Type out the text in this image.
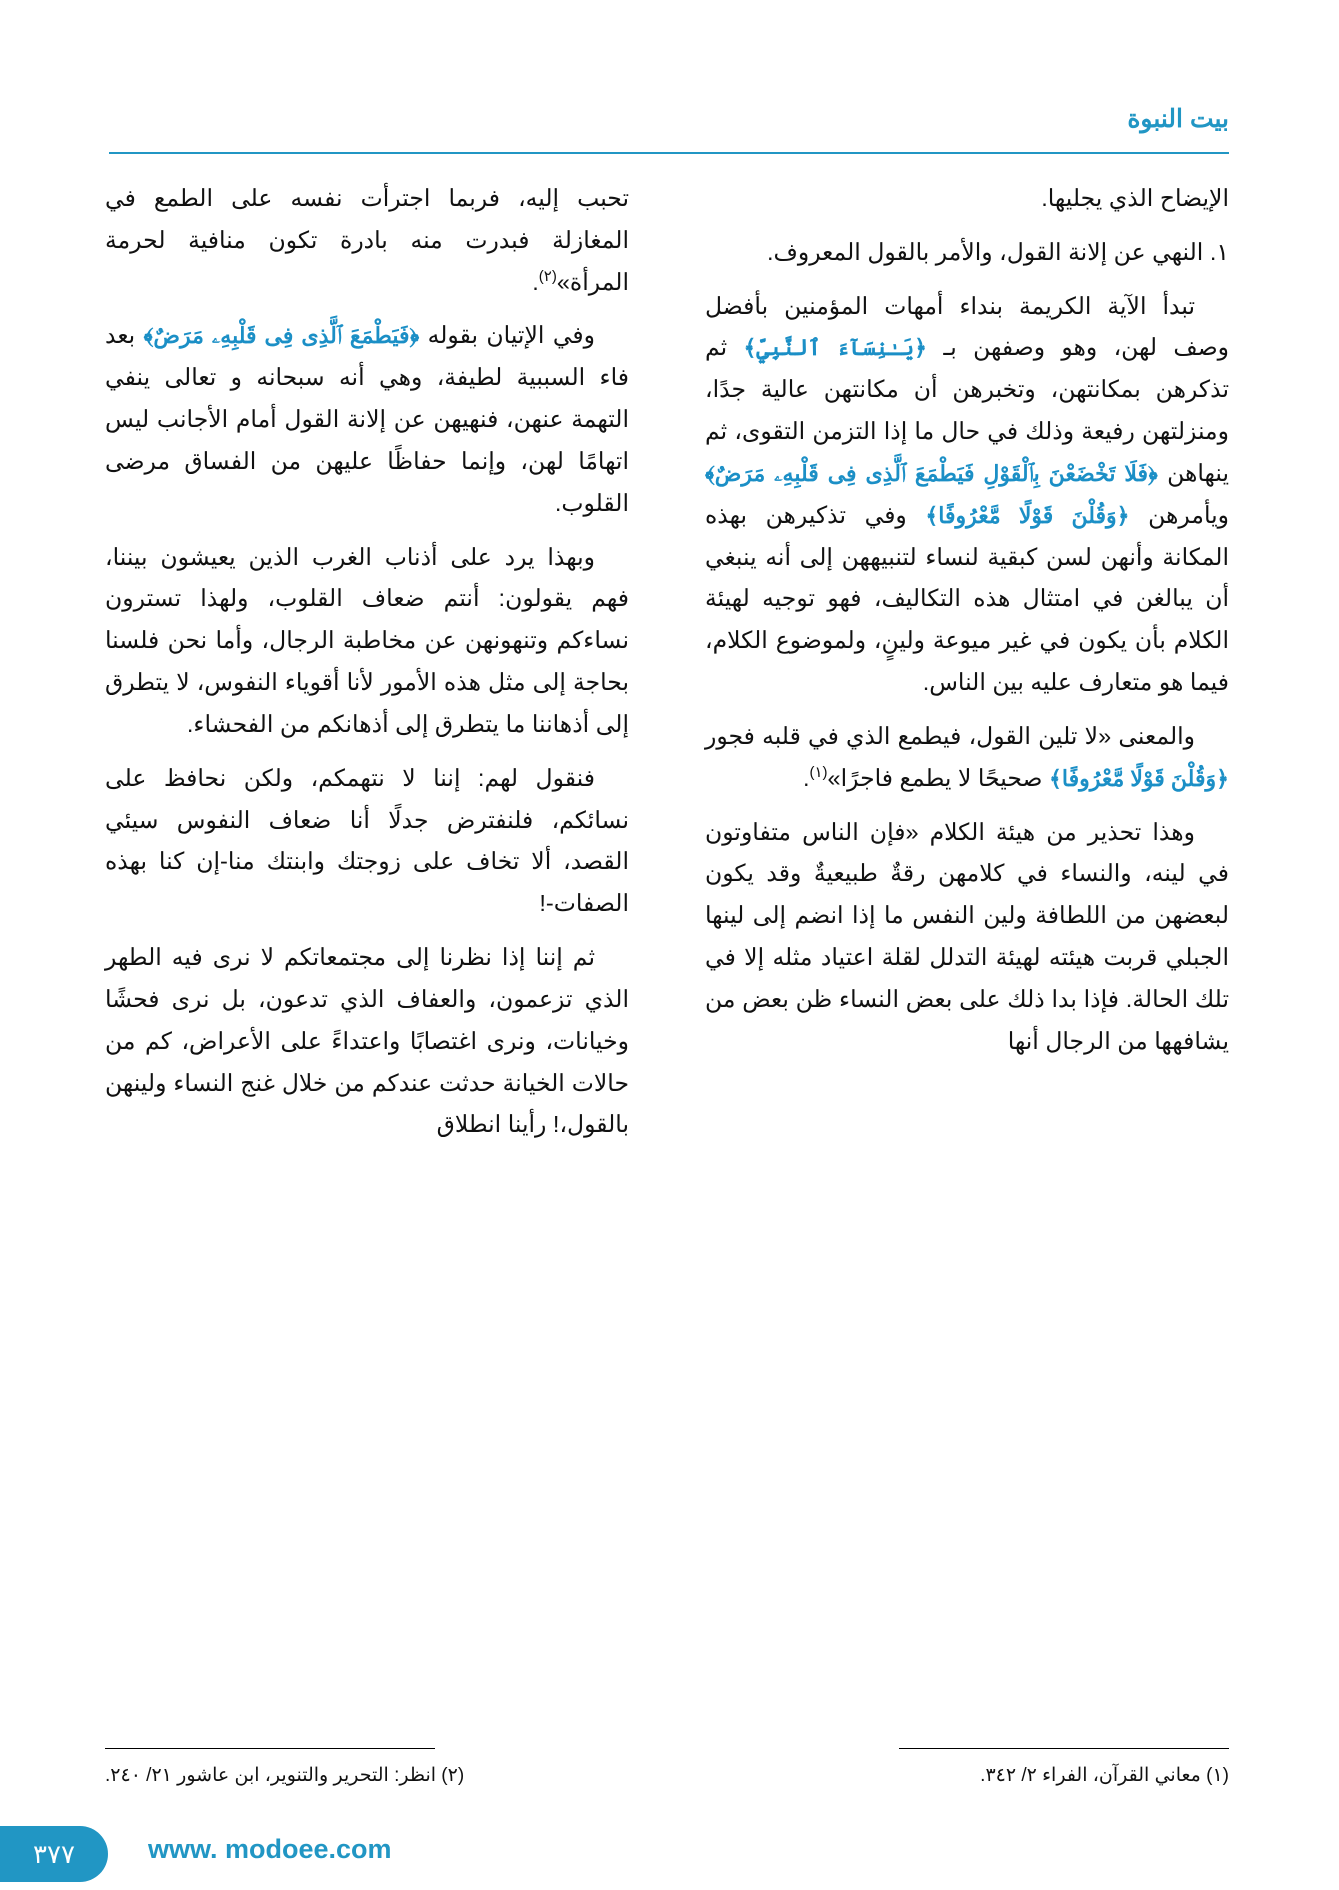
بيت النبوة

الإيضاح الذي يجليها.

١. النهي عن إلانة القول، والأمر بالقول المعروف.

تبدأ الآية الكريمة بنداء أمهات المؤمنين بأفضل وصف لهن، وهو وصفهن بـ ﴿يَـٰنِسَآءَ ٱلنَّبِيِّ﴾ ثم تذكرهن بمكانتهن، وتخبرهن أن مكانتهن عالية جدًا، ومنزلتهن رفيعة وذلك في حال ما إذا التزمن التقوى، ثم ينهاهن ﴿فَلَا تَخْضَعْنَ بِٱلْقَوْلِ فَيَطْمَعَ ٱلَّذِى فِى قَلْبِهِۦ مَرَضٌ﴾ ويأمرهن ﴿وَقُلْنَ قَوْلًا مَّعْرُوفًا﴾ وفي تذكيرهن بهذه المكانة وأنهن لسن كبقية لنساء لتنبيههن إلى أنه ينبغي أن يبالغن في امتثال هذه التكاليف، فهو توجيه لهيئة الكلام بأن يكون في غير ميوعة ولينٍ، ولموضوع الكلام، فيما هو متعارف عليه بين الناس.

والمعنى «لا تلين القول، فيطمع الذي في قلبه فجور ﴿وَقُلْنَ قَوْلًا مَّعْرُوفًا﴾ صحيحًا لا يطمع فاجرًا»$^{(١)}$.

وهذا تحذير من هيئة الكلام «فإن الناس متفاوتون في لينه، والنساء في كلامهن رقةٌ طبيعيةٌ وقد يكون لبعضهن من اللطافة ولين النفس ما إذا انضم إلى لينها الجبلي قربت هيئته لهيئة التدلل لقلة اعتياد مثله إلا في تلك الحالة. فإذا بدا ذلك على بعض النساء ظن بعض من يشافهها من الرجال أنها

تحبب إليه، فربما اجترأت نفسه على الطمع في المغازلة فبدرت منه بادرة تكون منافية لحرمة المرأة»$^{(٢)}$.

وفي الإتيان بقوله ﴿فَيَطْمَعَ ٱلَّذِى فِى قَلْبِهِۦ مَرَضٌ﴾ بعد فاء السببية لطيفة، وهي أنه سبحانه و تعالى ينفي التهمة عنهن، فنهيهن عن إلانة القول أمام الأجانب ليس اتهامًا لهن، وإنما حفاظًا عليهن من الفساق مرضى القلوب.

وبهذا يرد على أذناب الغرب الذين يعيشون بيننا، فهم يقولون: أنتم ضعاف القلوب، ولهذا تسترون نساءكم وتنهونهن عن مخاطبة الرجال، وأما نحن فلسنا بحاجة إلى مثل هذه الأمور لأنا أقوياء النفوس، لا يتطرق إلى أذهاننا ما يتطرق إلى أذهانكم من الفحشاء.

فنقول لهم: إننا لا نتهمكم، ولكن نحافظ على نسائكم، فلنفترض جدلًا أنا ضعاف النفوس سيئي القصد، ألا تخاف على زوجتك وابنتك منا-إن كنا بهذه الصفات-!

ثم إننا إذا نظرنا إلى مجتمعاتكم لا نرى فيه الطهر الذي تزعمون، والعفاف الذي تدعون، بل نرى فحشًا وخيانات، ونرى اغتصابًا واعتداءً على الأعراض، كم من حالات الخيانة حدثت عندكم من خلال غنج النساء ولينهن بالقول،! رأينا انطلاق

(١) معاني القرآن، الفراء ٢/ ٣٤٢.
(٢) انظر: التحرير والتنوير، ابن عاشور ٢١/ ٢٤٠.
٣٧٧	www. modoee.com
